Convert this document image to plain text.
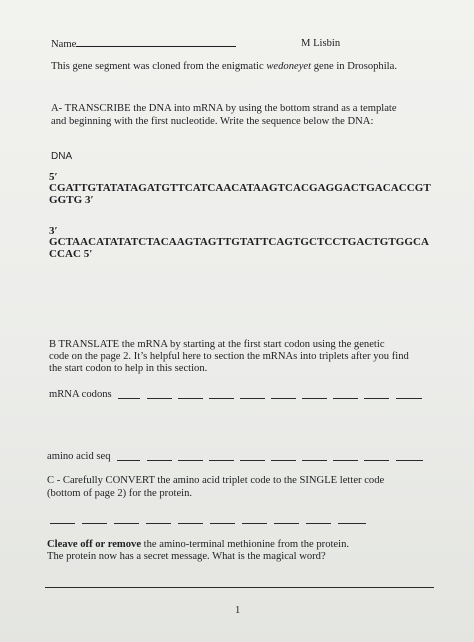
Name	M Lisbin
This gene segment was cloned from the enigmatic wedoneyet gene in Drosophila.
A- TRANSCRIBE the DNA into mRNA by using the bottom strand as a template
and beginning with the first nucleotide. Write the sequence below the DNA:
DNA
5′
CGATTGTATATAGATGTTCATCAACATAAGTCACGAGGACTGACACCGT
GGTG 3′
3′
GCTAACATATATCTACAAGTAGTTGTATTCAGTGCTCCTGACTGTGGCA
CCAC 5′
B TRANSLATE the mRNA by starting at the first start codon using the genetic
code on the page 2. It’s helpful here to section the mRNAs into triplets after you find
the start codon to help in this section.
mRNA codons
amino acid seq
C - Carefully CONVERT the amino acid triplet code to the SINGLE letter code
(bottom of page 2) for the protein.
Cleave off or remove the amino-terminal methionine from the protein.
The protein now has a secret message. What is the magical word?
1
